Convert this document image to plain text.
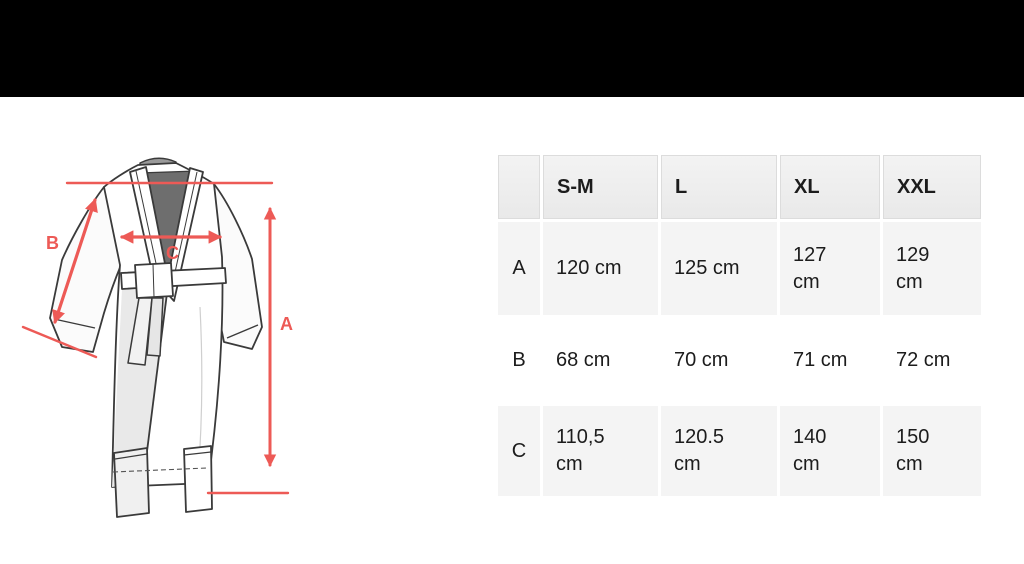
B	C
A
	S-M	L	XL	XXL
A	120 cm	125 cm	127 cm	129 cm
B	68 cm	70 cm	71 cm	72 cm
C	110,5 cm	120.5 cm	140 cm	150 cm
